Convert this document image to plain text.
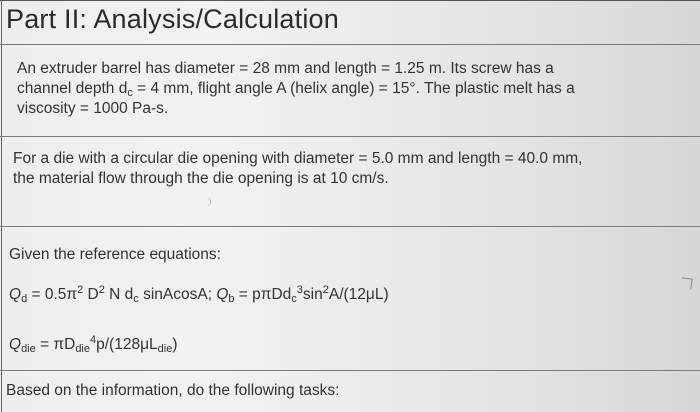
Part II: Analysis/Calculation
An extruder barrel has diameter = 28 mm and length = 1.25 m. Its screw has a
channel depth $d_c = 4$ mm, flight angle A (helix angle) = 15°. The plastic melt has a
viscosity = 1000 Pa-s.
For a die with a circular die opening with diameter = 5.0 mm and length = 40.0 mm,
the material flow through the die opening is at 10 cm/s.
Given the reference equations:
$Q_d = 0.5\pi^2$ $D^2$ N $d_c$ sinAcosA; $Q_b = p\pi Dd_c^3\sin^2A/(12\mu L)$
$Q_{die} = \pi D_{die}^4p/(128\mu L_{die})$
Based on the information, do the following tasks:
